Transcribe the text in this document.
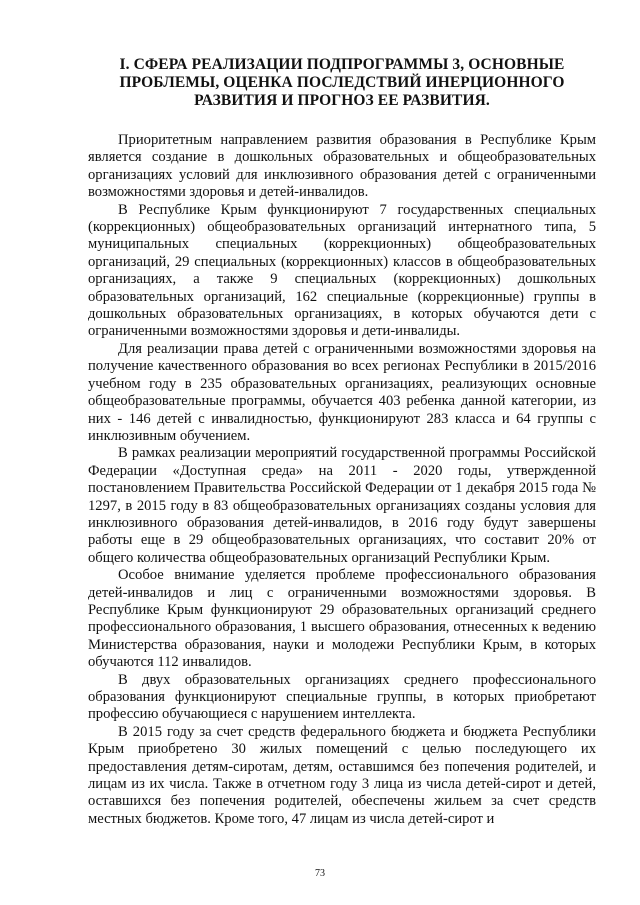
I. СФЕРА РЕАЛИЗАЦИИ ПОДПРОГРАММЫ 3, ОСНОВНЫЕ
ПРОБЛЕМЫ, ОЦЕНКА ПОСЛЕДСТВИЙ ИНЕРЦИОННОГО
РАЗВИТИЯ И ПРОГНОЗ ЕЕ РАЗВИТИЯ.

Приоритетным направлением развития образования в Республике Крым является создание в дошкольных образовательных и общеобразовательных организациях условий для инклюзивного образования детей с ограниченными возможностями здоровья и детей-инвалидов.

В Республике Крым функционируют 7 государственных специальных (коррекционных) общеобразовательных организаций интернатного типа, 5 муниципальных специальных (коррекционных) общеобразовательных организаций, 29 специальных (коррекционных) классов в общеобразовательных организациях, а также 9 специальных (коррекционных) дошкольных образовательных организаций, 162 специальные (коррекционные) группы в дошкольных образовательных организациях, в которых обучаются дети с ограниченными возможностями здоровья и дети-инвалиды.

Для реализации права детей с ограниченными возможностями здоровья на получение качественного образования во всех регионах Республики в 2015/2016 учебном году в 235 образовательных организациях, реализующих основные общеобразовательные программы, обучается 403 ребенка данной категории, из них - 146 детей с инвалидностью, функционируют 283 класса и 64 группы с инклюзивным обучением.

В рамках реализации мероприятий государственной программы Российской Федерации «Доступная среда» на 2011 - 2020 годы, утвержденной постановлением Правительства Российской Федерации от 1 декабря 2015 года № 1297, в 2015 году в 83 общеобразовательных организациях созданы условия для инклюзивного образования детей-инвалидов, в 2016 году будут завершены работы еще в 29 общеобразовательных организациях, что составит 20% от общего количества общеобразовательных организаций Республики Крым.

Особое внимание уделяется проблеме профессионального образования детей-инвалидов и лиц с ограниченными возможностями здоровья. В Республике Крым функционируют 29 образовательных организаций среднего профессионального образования, 1 высшего образования, отнесенных к ведению Министерства образования, науки и молодежи Республики Крым, в которых обучаются 112 инвалидов.

В двух образовательных организациях среднего профессионального образования функционируют специальные группы, в которых приобретают профессию обучающиеся с нарушением интеллекта.

В 2015 году за счет средств федерального бюджета и бюджета Республики Крым приобретено 30 жилых помещений с целью последующего их предоставления детям-сиротам, детям, оставшимся без попечения родителей, и лицам из их числа. Также в отчетном году 3 лица из числа детей-сирот и детей, оставшихся без попечения родителей, обеспечены жильем за счет средств местных бюджетов. Кроме того, 47 лицам из числа детей-сирот и

73
